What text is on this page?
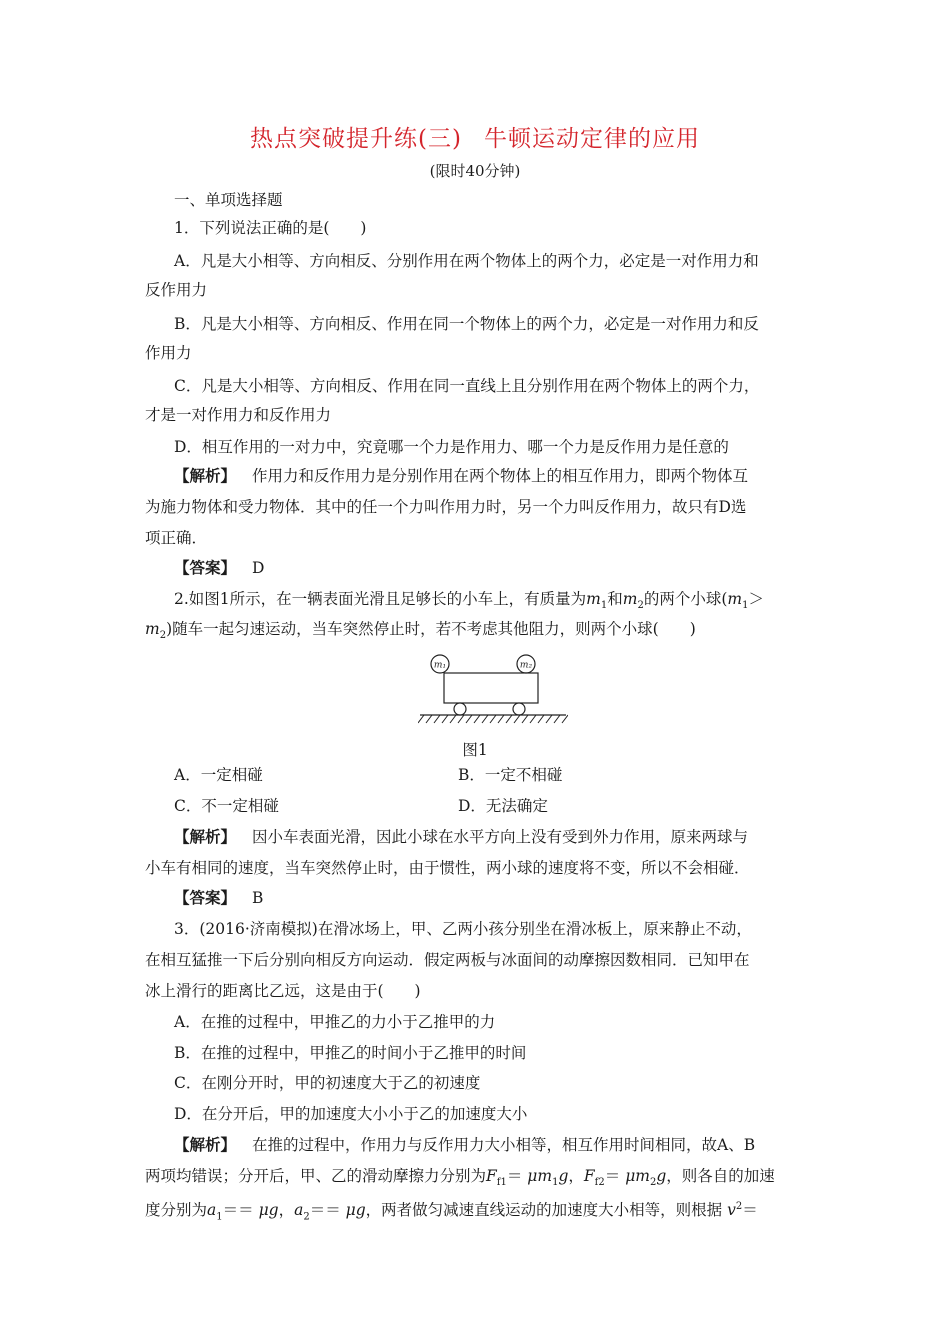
热点突破提升练(三) 牛顿运动定律的应用
(限时40分钟)
一、单项选择题
1．下列说法正确的是(　　)
A．凡是大小相等、方向相反、分别作用在两个物体上的两个力，必定是一对作用力和
反作用力
B．凡是大小相等、方向相反、作用在同一个物体上的两个力，必定是一对作用力和反
作用力
C．凡是大小相等、方向相反、作用在同一直线上且分别作用在两个物体上的两个力，
才是一对作用力和反作用力
D．相互作用的一对力中，究竟哪一个力是作用力、哪一个力是反作用力是任意的
【解析】 作用力和反作用力是分别作用在两个物体上的相互作用力，即两个物体互
为施力物体和受力物体．其中的任一个力叫作用力时，另一个力叫反作用力，故只有D选
项正确．
【答案】 D
2.如图1所示，在一辆表面光滑且足够长的小车上，有质量为$m_1$和$m_2$的两个小球($m_1>$
$m_2$)随车一起匀速运动，当车突然停止时，若不考虑其他阻力，则两个小球(　　)
m₁	m₂
图1
A．一定相碰	B．一定不相碰
C．不一定相碰	D．无法确定
【解析】 因小车表面光滑，因此小球在水平方向上没有受到外力作用，原来两球与
小车有相同的速度，当车突然停止时，由于惯性，两小球的速度将不变，所以不会相碰．
【答案】 B
3．(2016·济南模拟)在滑冰场上，甲、乙两小孩分别坐在滑冰板上，原来静止不动，
在相互猛推一下后分别向相反方向运动．假定两板与冰面间的动摩擦因数相同．已知甲在
冰上滑行的距离比乙远，这是由于(　　)
A．在推的过程中，甲推乙的力小于乙推甲的力
B．在推的过程中，甲推乙的时间小于乙推甲的时间
C．在刚分开时，甲的初速度大于乙的初速度
D．在分开后，甲的加速度大小小于乙的加速度大小
【解析】 在推的过程中，作用力与反作用力大小相等，相互作用时间相同，故A、B
两项均错误；分开后，甲、乙的滑动摩擦力分别为$F_{f1}= \mu m_1g$，$F_{f2}= \mu m_2g$，则各自的加速
度分别为$a_1== \mu g$，$a_2== \mu g$，两者做匀减速直线运动的加速度大小相等，则根据 $v^2=$
